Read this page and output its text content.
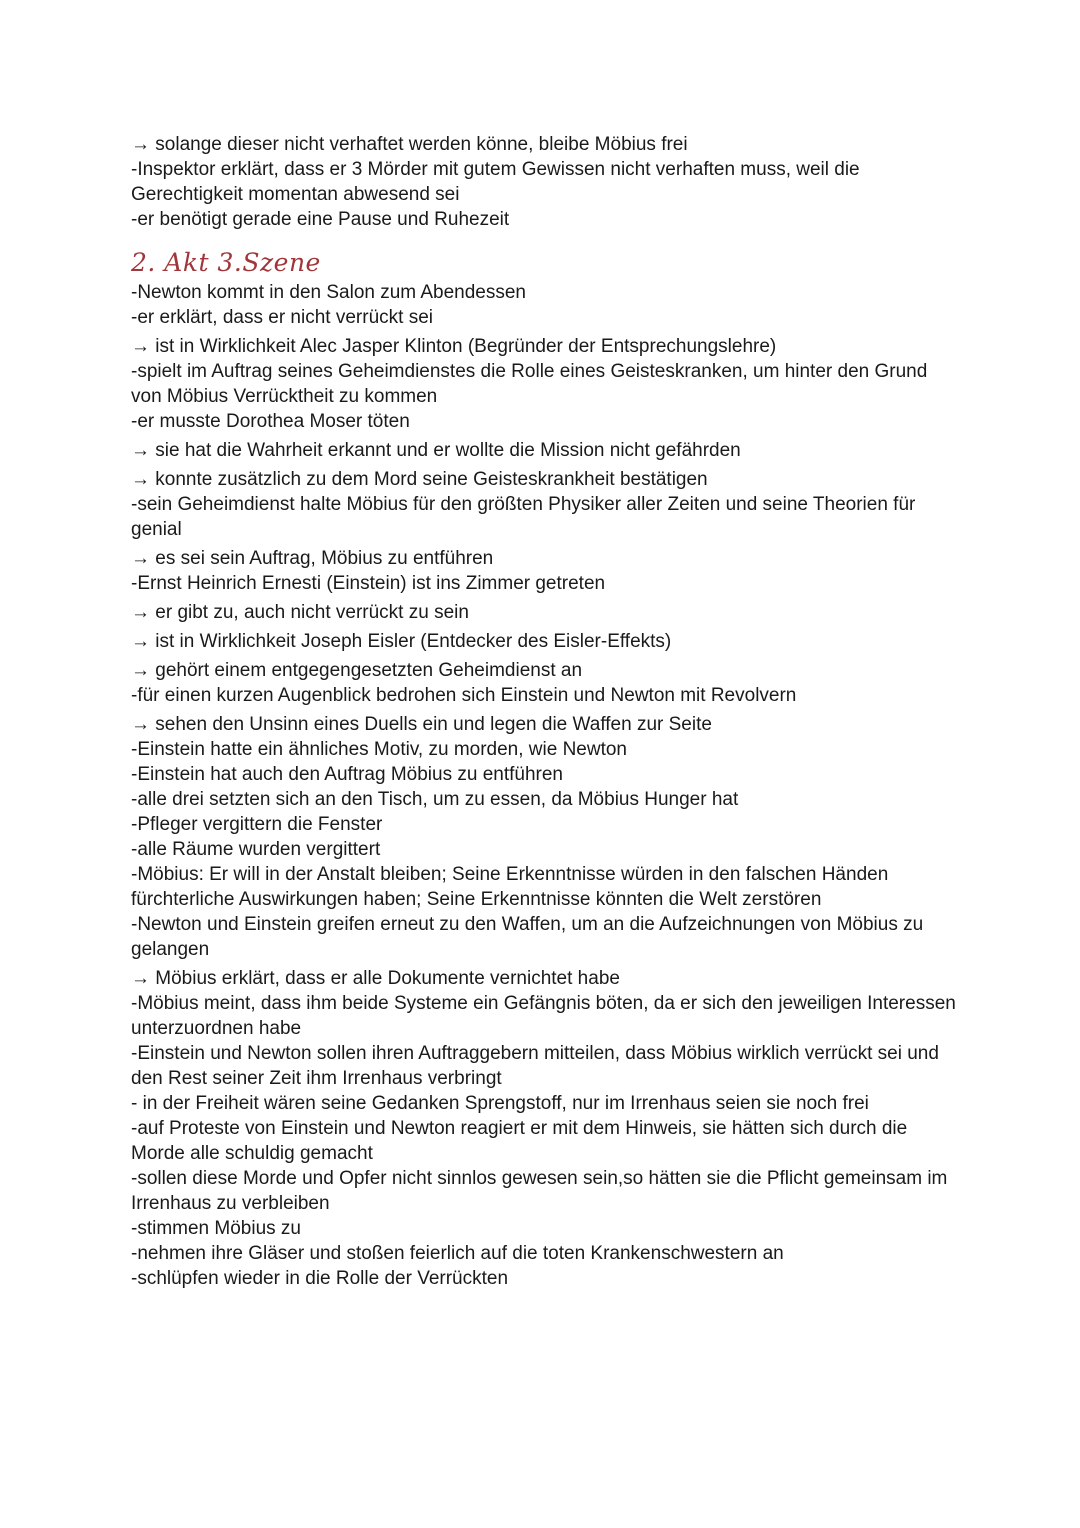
→ solange dieser nicht verhaftet werden könne, bleibe Möbius frei

-Inspektor erklärt, dass er 3 Mörder mit gutem Gewissen nicht verhaften muss, weil die Gerechtigkeit momentan abwesend sei

-er benötigt gerade eine Pause und Ruhezeit

2. Akt 3.Szene

-Newton kommt in den Salon zum Abendessen

-er erklärt, dass er nicht verrückt sei

→ ist in Wirklichkeit Alec Jasper Klinton (Begründer der Entsprechungslehre)

-spielt im Auftrag seines Geheimdienstes die Rolle eines Geisteskranken, um hinter den Grund von Möbius Verrücktheit zu kommen

-er musste Dorothea Moser töten

→ sie hat die Wahrheit erkannt und er wollte die Mission nicht gefährden

→ konnte zusätzlich zu dem Mord seine Geisteskrankheit bestätigen

-sein Geheimdienst halte Möbius für den größten Physiker aller Zeiten und seine Theorien für genial

→ es sei sein Auftrag, Möbius zu entführen

-Ernst Heinrich Ernesti (Einstein) ist ins Zimmer getreten

→ er gibt zu, auch nicht verrückt zu sein

→ ist in Wirklichkeit Joseph Eisler (Entdecker des Eisler-Effekts)

→ gehört einem entgegengesetzten Geheimdienst an

-für einen kurzen Augenblick bedrohen sich Einstein und Newton mit Revolvern

→ sehen den Unsinn eines Duells ein und legen die Waffen zur Seite

-Einstein hatte ein ähnliches Motiv, zu morden, wie Newton

-Einstein hat auch den Auftrag Möbius zu entführen

-alle drei setzten sich an den Tisch, um zu essen, da Möbius Hunger hat

-Pfleger vergittern die Fenster

-alle Räume wurden vergittert

-Möbius: Er will in der Anstalt bleiben; Seine Erkenntnisse würden in den falschen Händen fürchterliche Auswirkungen haben; Seine Erkenntnisse könnten die Welt zerstören

-Newton und Einstein greifen erneut zu den Waffen, um an die Aufzeichnungen von Möbius zu gelangen

→ Möbius erklärt, dass er alle Dokumente vernichtet habe

-Möbius meint, dass ihm beide Systeme ein Gefängnis böten, da er sich den jeweiligen Interessen unterzuordnen habe

-Einstein und Newton sollen ihren Auftraggebern mitteilen, dass Möbius wirklich verrückt sei und den Rest seiner Zeit ihm Irrenhaus verbringt

- in der Freiheit wären seine Gedanken Sprengstoff, nur im Irrenhaus seien sie noch frei

-auf Proteste von Einstein und Newton reagiert er mit dem Hinweis, sie hätten sich durch die Morde alle schuldig gemacht

-sollen diese Morde und Opfer nicht sinnlos gewesen sein,so hätten sie die Pflicht gemeinsam im Irrenhaus zu verbleiben

-stimmen Möbius zu

-nehmen ihre Gläser und stoßen feierlich auf die toten Krankenschwestern an

-schlüpfen wieder in die Rolle der Verrückten
